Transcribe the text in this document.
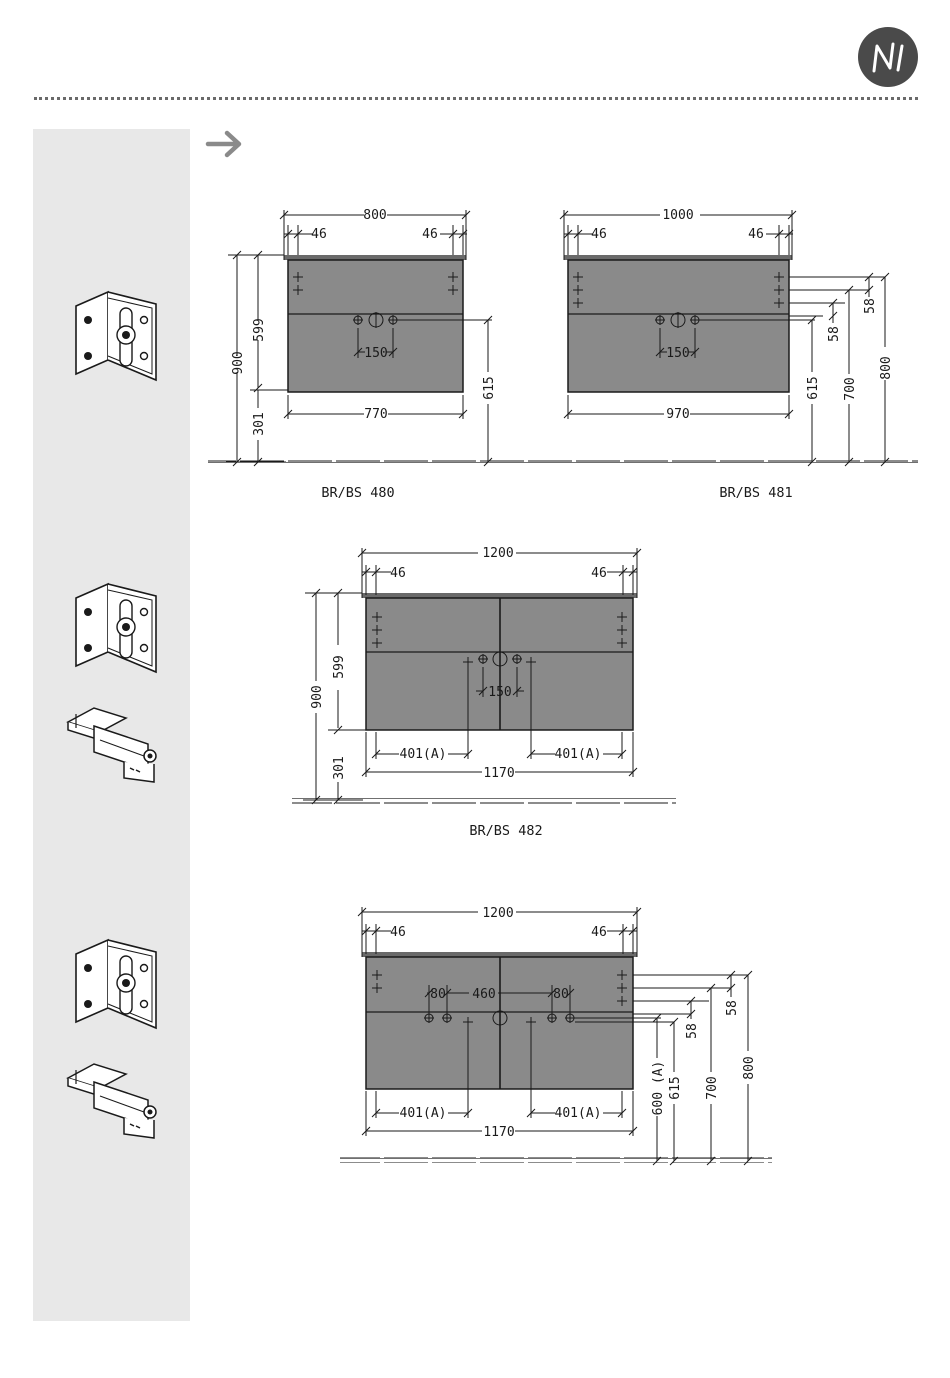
800
46	46
900
599
301	770
150
615
BR/BS 480
1000
46	46
970
150
58
58
615 700
800
BR/BS 481
1200
46	46
900
599
301
150
401(A)	401(A)
1170
BR/BS 482
1200
46	46
80 460	80
401(A)	401(A)
1170
58
58
600 (A) 615 700
800
